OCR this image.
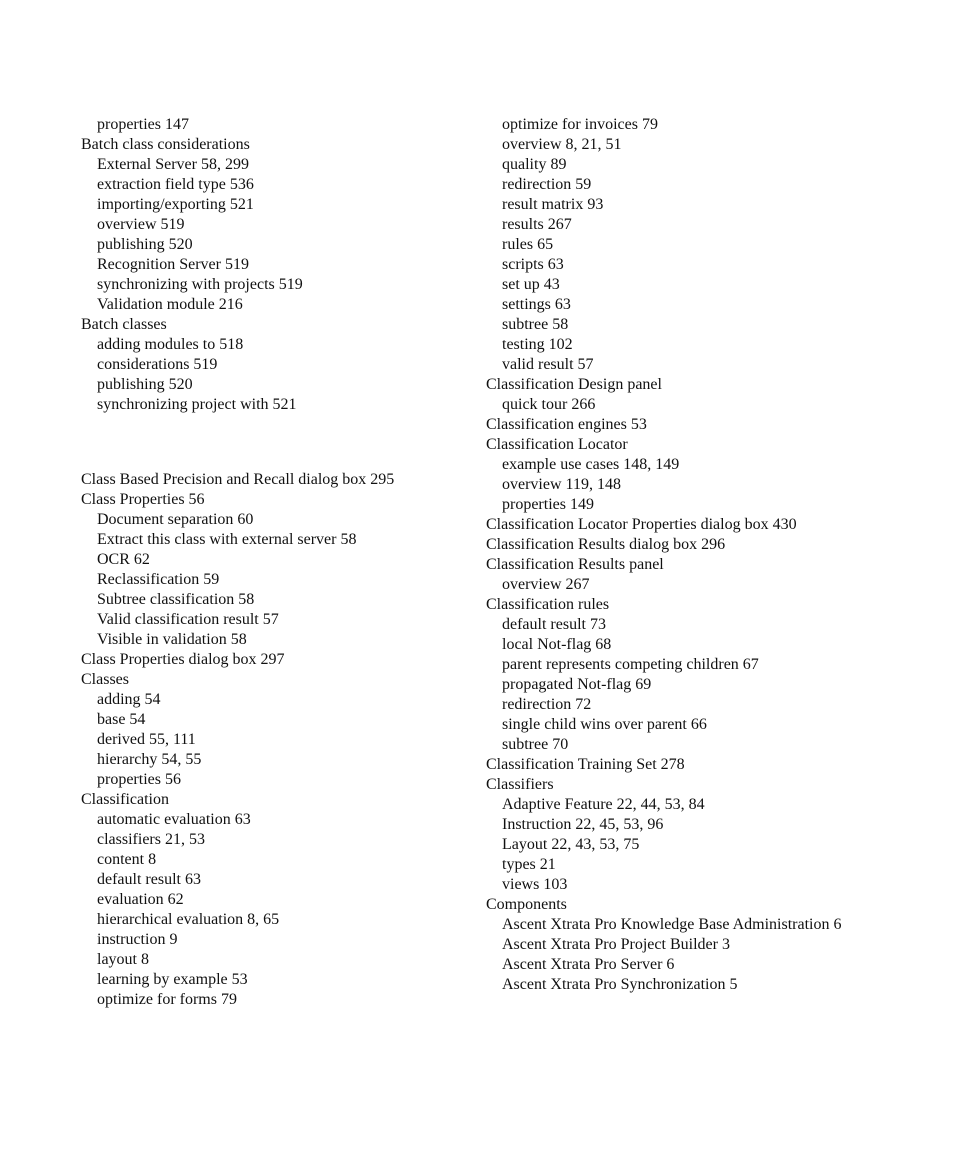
properties 147
Batch class considerations
External Server 58, 299
extraction field type 536
importing/exporting 521
overview 519
publishing 520
Recognition Server 519
synchronizing with projects 519
Validation module 216
Batch classes
adding modules to 518
considerations 519
publishing 520
synchronizing project with 521
Class Based Precision and Recall dialog box 295
Class Properties 56
Document separation 60
Extract this class with external server 58
OCR 62
Reclassification 59
Subtree classification 58
Valid classification result 57
Visible in validation 58
Class Properties dialog box 297
Classes
adding 54
base 54
derived 55, 111
hierarchy 54, 55
properties 56
Classification
automatic evaluation 63
classifiers 21, 53
content 8
default result 63
evaluation 62
hierarchical evaluation 8, 65
instruction 9
layout 8
learning by example 53
optimize for forms 79
optimize for invoices 79
overview 8, 21, 51
quality 89
redirection 59
result matrix 93
results 267
rules 65
scripts 63
set up 43
settings 63
subtree 58
testing 102
valid result 57
Classification Design panel
quick tour 266
Classification engines 53
Classification Locator
example use cases 148, 149
overview 119, 148
properties 149
Classification Locator Properties dialog box 430
Classification Results dialog box 296
Classification Results panel
overview 267
Classification rules
default result 73
local Not-flag 68
parent represents competing children 67
propagated Not-flag 69
redirection 72
single child wins over parent 66
subtree 70
Classification Training Set 278
Classifiers
Adaptive Feature 22, 44, 53, 84
Instruction 22, 45, 53, 96
Layout 22, 43, 53, 75
types 21
views 103
Components
Ascent Xtrata Pro Knowledge Base Administration 6
Ascent Xtrata Pro Project Builder 3
Ascent Xtrata Pro Server 6
Ascent Xtrata Pro Synchronization 5
